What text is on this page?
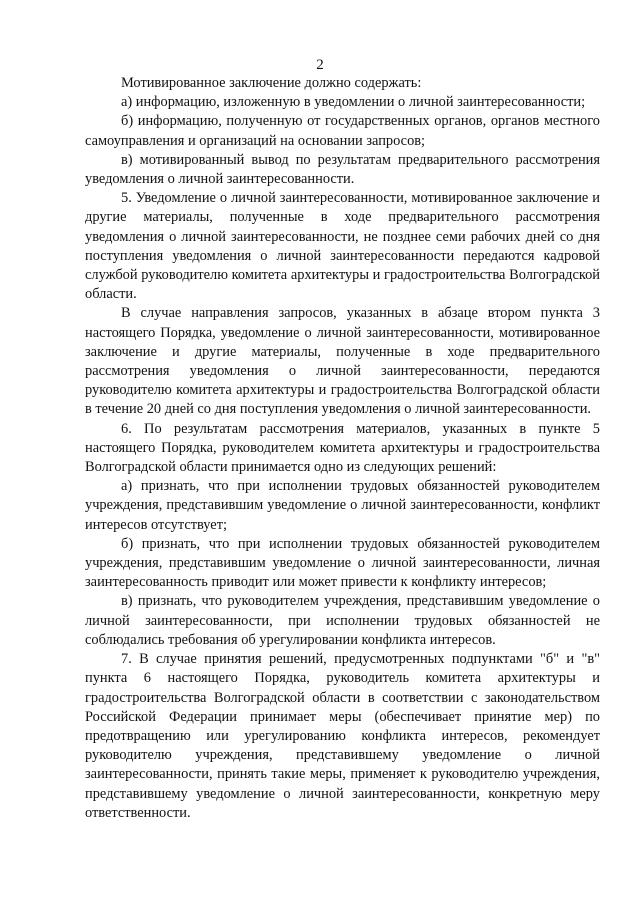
2

Мотивированное заключение должно содержать:

а) информацию, изложенную в уведомлении о личной заинтересованности;

б) информацию, полученную от государственных органов, органов местного самоуправления и организаций на основании запросов;

в) мотивированный вывод по результатам предварительного рассмотрения уведомления о личной заинтересованности.

5. Уведомление о личной заинтересованности, мотивированное заключение и другие материалы, полученные в ходе предварительного рассмотрения уведомления о личной заинтересованности, не позднее семи рабочих дней со дня поступления уведомления о личной заинтересованности передаются кадровой службой руководителю комитета архитектуры и градостроительства Волгоградской области.

В случае направления запросов, указанных в абзаце втором пункта 3 настоящего Порядка, уведомление о личной заинтересованности, мотивированное заключение и другие материалы, полученные в ходе предварительного рассмотрения уведомления о личной заинтересованности, передаются руководителю комитета архитектуры и градостроительства Волгоградской области в течение 20 дней со дня поступления уведомления о личной заинтересованности.

6. По результатам рассмотрения материалов, указанных в пункте 5 настоящего Порядка, руководителем комитета архитектуры и градостроительства Волгоградской области принимается одно из следующих решений:

а) признать, что при исполнении трудовых обязанностей руководителем учреждения, представившим уведомление о личной заинтересованности, конфликт интересов отсутствует;

б) признать, что при исполнении трудовых обязанностей руководителем учреждения, представившим уведомление о личной заинтересованности, личная заинтересованность приводит или может привести к конфликту интересов;

в) признать, что руководителем учреждения, представившим уведомление о личной заинтересованности, при исполнении трудовых обязанностей не соблюдались требования об урегулировании конфликта интересов.

7. В случае принятия решений, предусмотренных подпунктами "б" и "в" пункта 6 настоящего Порядка, руководитель комитета архитектуры и градостроительства Волгоградской области в соответствии с законодательством Российской Федерации принимает меры (обеспечивает принятие мер) по предотвращению или урегулированию конфликта интересов, рекомендует руководителю учреждения, представившему уведомление о личной заинтересованности, принять такие меры, применяет к руководителю учреждения, представившему уведомление о личной заинтересованности, конкретную меру ответственности.
